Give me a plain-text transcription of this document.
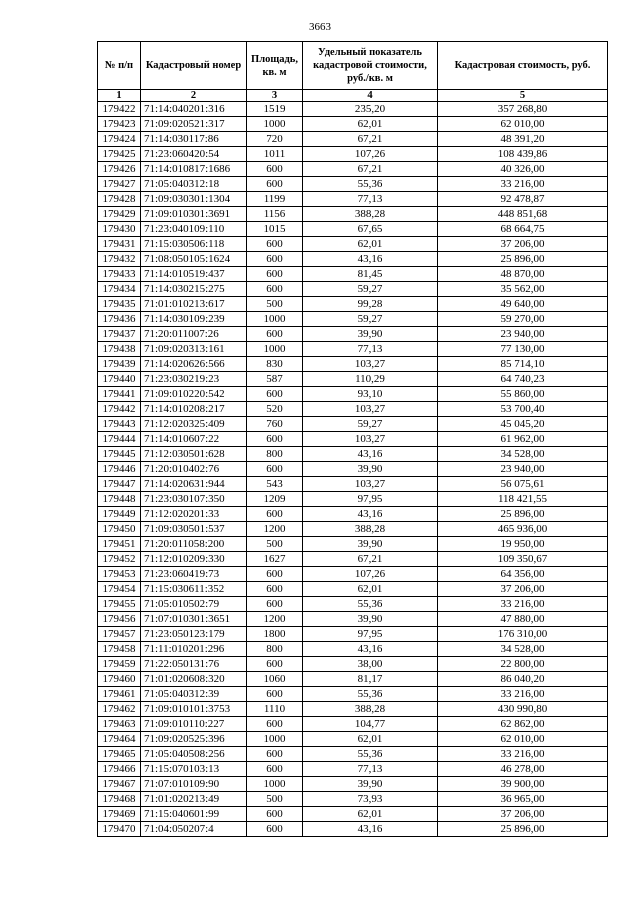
3663
№ п/п	Кадастровый номер	Площадь, кв. м	Удельный показатель кадастровой стоимости, руб./кв. м	Кадастровая стоимость, руб.
1	2	3	4	5
179422	71:14:040201:316	1519	235,20	357 268,80
179423	71:09:020521:317	1000	62,01	62 010,00
179424	71:14:030117:86	720	67,21	48 391,20
179425	71:23:060420:54	1011	107,26	108 439,86
179426	71:14:010817:1686	600	67,21	40 326,00
179427	71:05:040312:18	600	55,36	33 216,00
179428	71:09:030301:1304	1199	77,13	92 478,87
179429	71:09:010301:3691	1156	388,28	448 851,68
179430	71:23:040109:110	1015	67,65	68 664,75
179431	71:15:030506:118	600	62,01	37 206,00
179432	71:08:050105:1624	600	43,16	25 896,00
179433	71:14:010519:437	600	81,45	48 870,00
179434	71:14:030215:275	600	59,27	35 562,00
179435	71:01:010213:617	500	99,28	49 640,00
179436	71:14:030109:239	1000	59,27	59 270,00
179437	71:20:011007:26	600	39,90	23 940,00
179438	71:09:020313:161	1000	77,13	77 130,00
179439	71:14:020626:566	830	103,27	85 714,10
179440	71:23:030219:23	587	110,29	64 740,23
179441	71:09:010220:542	600	93,10	55 860,00
179442	71:14:010208:217	520	103,27	53 700,40
179443	71:12:020325:409	760	59,27	45 045,20
179444	71:14:010607:22	600	103,27	61 962,00
179445	71:12:030501:628	800	43,16	34 528,00
179446	71:20:010402:76	600	39,90	23 940,00
179447	71:14:020631:944	543	103,27	56 075,61
179448	71:23:030107:350	1209	97,95	118 421,55
179449	71:12:020201:33	600	43,16	25 896,00
179450	71:09:030501:537	1200	388,28	465 936,00
179451	71:20:011058:200	500	39,90	19 950,00
179452	71:12:010209:330	1627	67,21	109 350,67
179453	71:23:060419:73	600	107,26	64 356,00
179454	71:15:030611:352	600	62,01	37 206,00
179455	71:05:010502:79	600	55,36	33 216,00
179456	71:07:010301:3651	1200	39,90	47 880,00
179457	71:23:050123:179	1800	97,95	176 310,00
179458	71:11:010201:296	800	43,16	34 528,00
179459	71:22:050131:76	600	38,00	22 800,00
179460	71:01:020608:320	1060	81,17	86 040,20
179461	71:05:040312:39	600	55,36	33 216,00
179462	71:09:010101:3753	1110	388,28	430 990,80
179463	71:09:010110:227	600	104,77	62 862,00
179464	71:09:020525:396	1000	62,01	62 010,00
179465	71:05:040508:256	600	55,36	33 216,00
179466	71:15:070103:13	600	77,13	46 278,00
179467	71:07:010109:90	1000	39,90	39 900,00
179468	71:01:020213:49	500	73,93	36 965,00
179469	71:15:040601:99	600	62,01	37 206,00
179470	71:04:050207:4	600	43,16	25 896,00
